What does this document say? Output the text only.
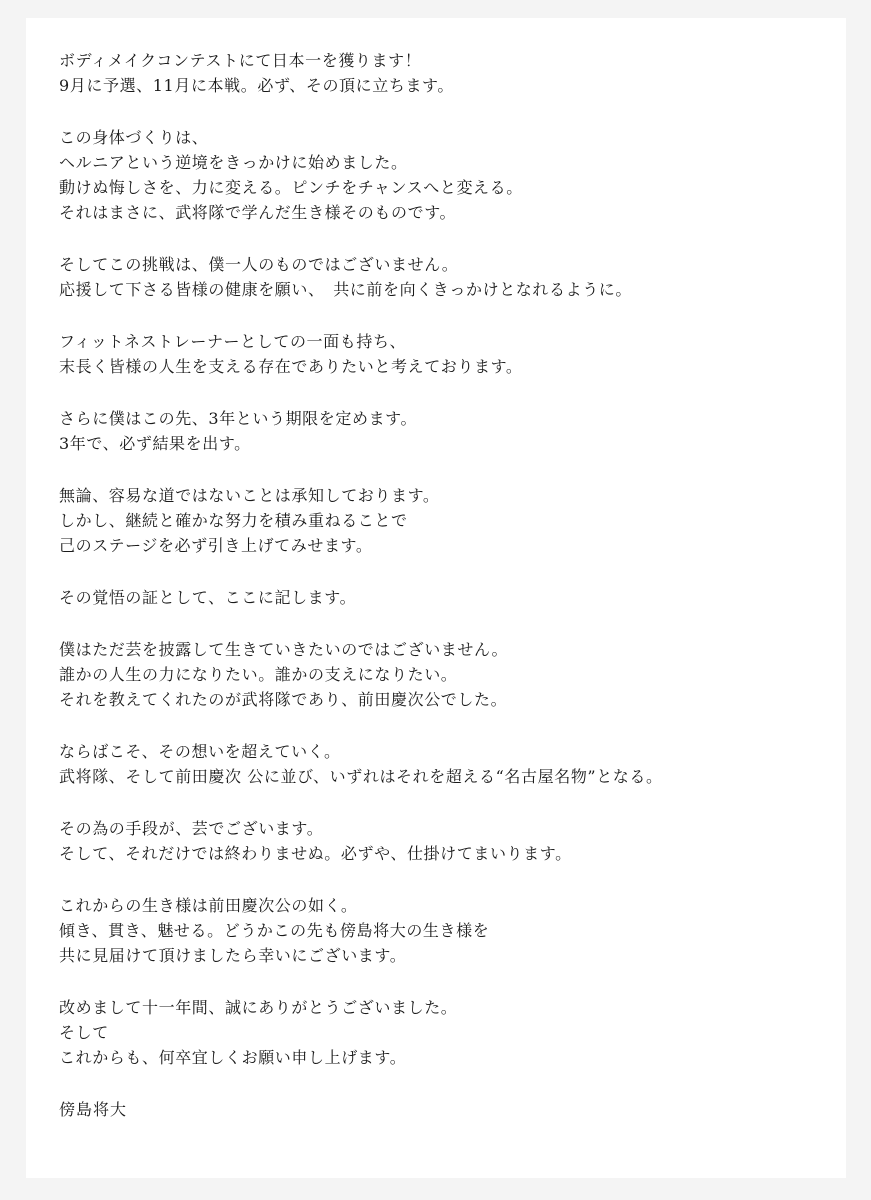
ボディメイクコンテストにて日本一を獲ります！
9月に予選、11月に本戦。必ず、その頂に立ちます。
この身体づくりは、
ヘルニアという逆境をきっかけに始めました。
動けぬ悔しさを、力に変える。ピンチをチャンスへと変える。
それはまさに、武将隊で学んだ生き様そのものです。
そしてこの挑戦は、僕一人のものではございません。
応援して下さる皆様の健康を願い、　共に前を向くきっかけとなれるように。
フィットネストレーナーとしての一面も持ち、
末長く皆様の人生を支える存在でありたいと考えております。
さらに僕はこの先、3年という期限を定めます。
3年で、必ず結果を出す。
無論、容易な道ではないことは承知しております。
しかし、継続と確かな努力を積み重ねることで
己のステージを必ず引き上げてみせます。
その覚悟の証として、ここに記します。
僕はただ芸を披露して生きていきたいのではございません。
誰かの人生の力になりたい。誰かの支えになりたい。
それを教えてくれたのが武将隊であり、前田慶次公でした。
ならばこそ、その想いを超えていく。
武将隊、そして前田慶次 公に並び、いずれはそれを超える“名古屋名物”となる。
その為の手段が、芸でございます。
そして、それだけでは終わりませぬ。必ずや、仕掛けてまいります。
これからの生き様は前田慶次公の如く。
傾き、貫き、魅せる。どうかこの先も傍島将大の生き様を
共に見届けて頂けましたら幸いにございます。
改めまして十一年間、誠にありがとうございました。
そして
これからも、何卒宜しくお願い申し上げます。
傍島将大
